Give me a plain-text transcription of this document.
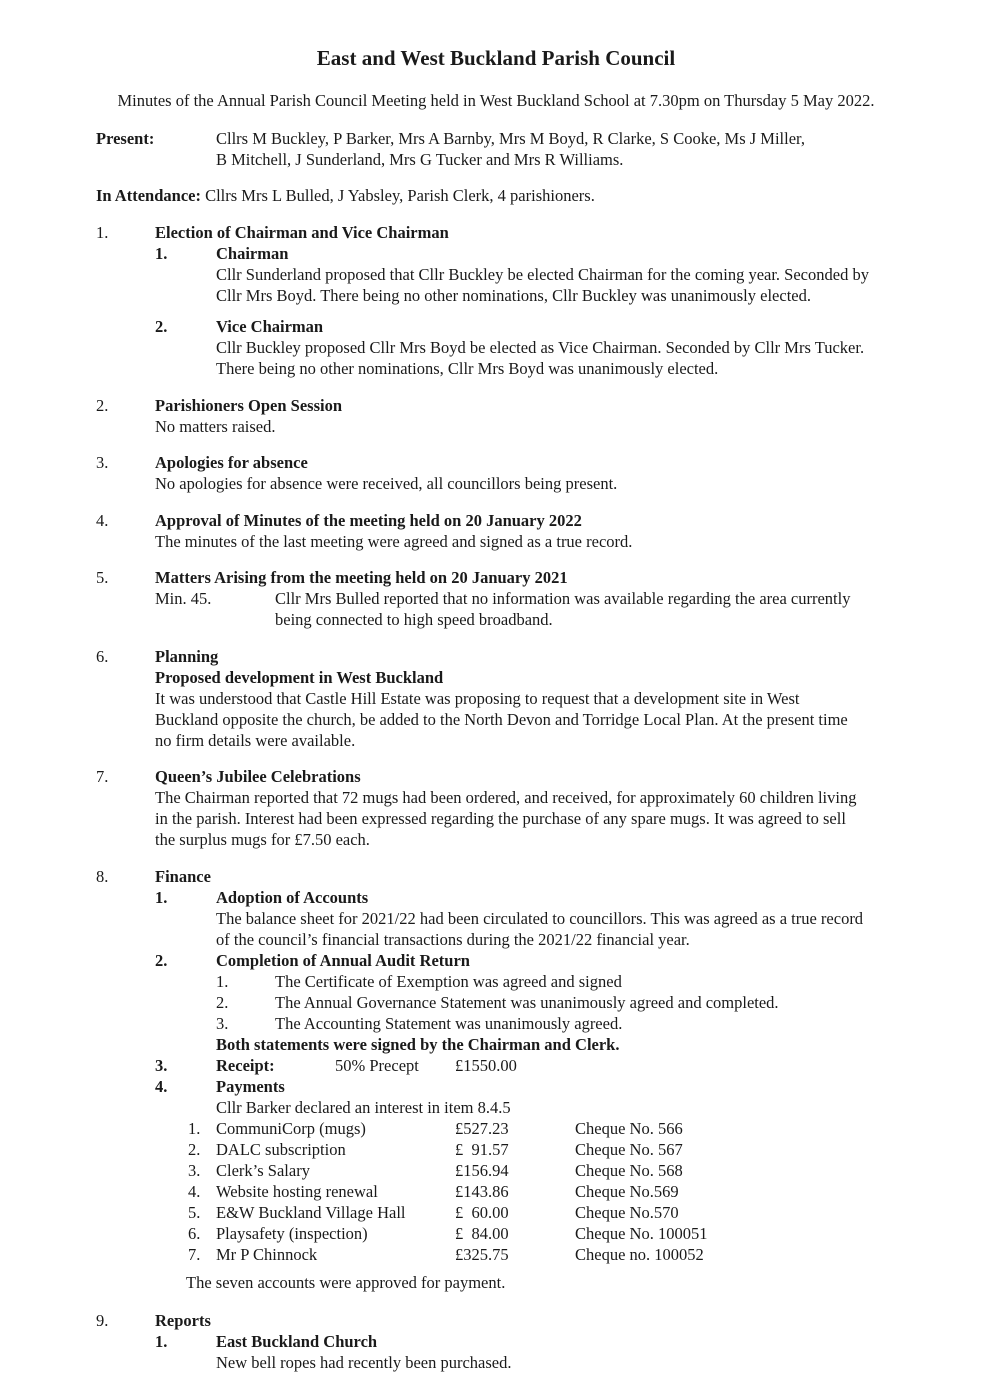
East and West Buckland Parish Council
Minutes of the Annual Parish Council Meeting held in West Buckland School at 7.30pm on Thursday 5 May 2022.
Present:	Cllrs M Buckley, P Barker, Mrs A Barnby, Mrs M Boyd, R Clarke, S Cooke, Ms J Miller,
B Mitchell, J Sunderland, Mrs G Tucker and Mrs R Williams.
In Attendance: Cllrs Mrs L Bulled, J Yabsley, Parish Clerk, 4 parishioners.
1.	Election of Chairman and Vice Chairman
1.	Chairman
Cllr Sunderland proposed that Cllr Buckley be elected Chairman for the coming year. Seconded by
Cllr Mrs Boyd. There being no other nominations, Cllr Buckley was unanimously elected.
2.	Vice Chairman
Cllr Buckley proposed Cllr Mrs Boyd be elected as Vice Chairman. Seconded by Cllr Mrs Tucker.
There being no other nominations, Cllr Mrs Boyd was unanimously elected.
2.	Parishioners Open Session
No matters raised.
3.	Apologies for absence
No apologies for absence were received, all councillors being present.
4.	Approval of Minutes of the meeting held on 20 January 2022
The minutes of the last meeting were agreed and signed as a true record.
5.	Matters Arising from the meeting held on 20 January 2021
Min. 45.	Cllr Mrs Bulled reported that no information was available regarding the area currently
being connected to high speed broadband.
6.	Planning
Proposed development in West Buckland
It was understood that Castle Hill Estate was proposing to request that a development site in West
Buckland opposite the church, be added to the North Devon and Torridge Local Plan. At the present time
no firm details were available.
7.	Queen’s Jubilee Celebrations
The Chairman reported that 72 mugs had been ordered, and received, for approximately 60 children living
in the parish. Interest had been expressed regarding the purchase of any spare mugs. It was agreed to sell
the surplus mugs for £7.50 each.
8.	Finance
1.	Adoption of Accounts
The balance sheet for 2021/22 had been circulated to councillors. This was agreed as a true record
of the council’s financial transactions during the 2021/22 financial year.
2.	Completion of Annual Audit Return
1.	The Certificate of Exemption was agreed and signed
2.	The Annual Governance Statement was unanimously agreed and completed.
3.	The Accounting Statement was unanimously agreed.
Both statements were signed by the Chairman and Clerk.
3.	Receipt:	50% Precept £1550.00
4.	Payments
Cllr Barker declared an interest in item 8.4.5
1. CommuniCorp (mugs)	£527.23	Cheque No. 566
2. DALC subscription	£  91.57	Cheque No. 567
3. Clerk’s Salary	£156.94	Cheque No. 568
4. Website hosting renewal	£143.86	Cheque No.569
5. E&W Buckland Village Hall	£  60.00	Cheque No.570
6. Playsafety (inspection)	£  84.00	Cheque No. 100051
7. Mr P Chinnock	£325.75	Cheque no. 100052
The seven accounts were approved for payment.
9.	Reports
1.	East Buckland Church
New bell ropes had recently been purchased.
